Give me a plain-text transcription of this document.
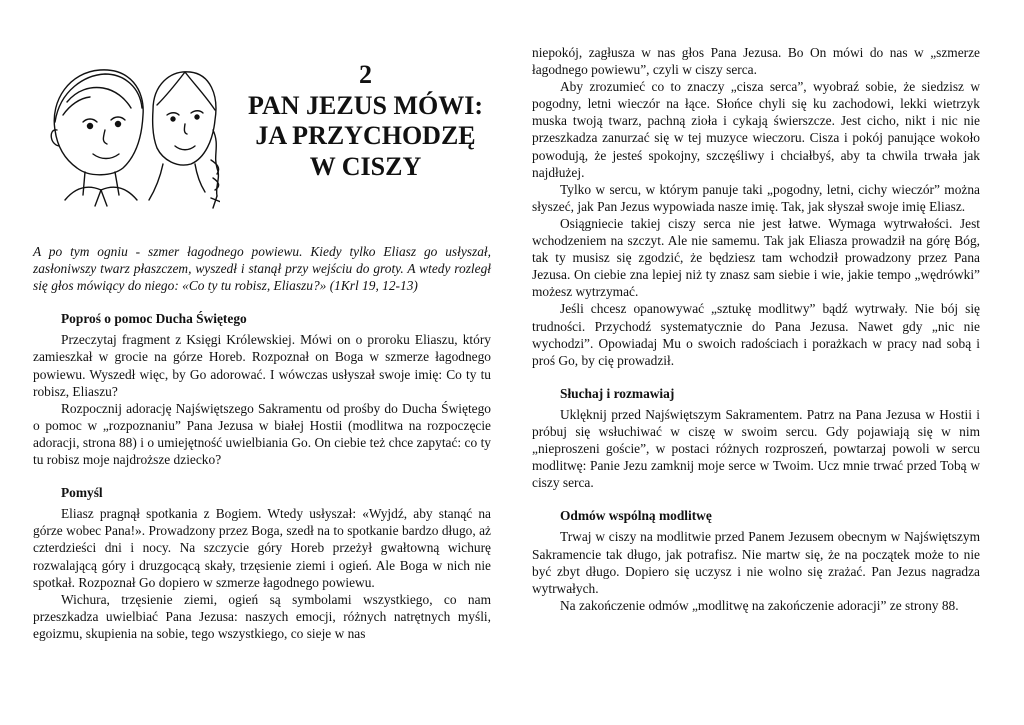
2
PAN JEZUS MÓWI:
JA PRZYCHODZĘ
W CISZY

A po tym ogniu - szmer łagodnego powiewu. Kiedy tylko Eliasz go usłyszał, zasłoniwszy twarz płaszczem, wyszedł i stanął przy wejściu do groty. A wtedy rozległ się głos mówiący do niego: «Co ty tu robisz, Eliaszu?» (1Krl 19, 12-13)

Poproś o pomoc Ducha Świętego

Przeczytaj fragment z Księgi Królewskiej. Mówi on o proroku Eliaszu, który zamieszkał w grocie na górze Horeb. Rozpoznał on Boga w szmerze łagodnego powiewu. Wyszedł więc, by Go adorować. I wówczas usłyszał swoje imię: Co ty tu robisz, Eliaszu?

Rozpocznij adorację Najświętszego Sakramentu od prośby do Ducha Świętego o pomoc w „rozpoznaniu” Pana Jezusa w białej Hostii (modlitwa na rozpoczęcie adoracji, strona 88) i o umiejętność uwielbiania Go. On ciebie też chce zapytać: co ty tu robisz moje najdroższe dziecko?

Pomyśl

Eliasz pragnął spotkania z Bogiem. Wtedy usłyszał: «Wyjdź, aby stanąć na górze wobec Pana!». Prowadzony przez Boga, szedł na to spotkanie bardzo długo, aż czterdzieści dni i nocy. Na szczycie góry Horeb przeżył gwałtowną wichurę rozwalającą góry i druzgocącą skały, trzęsienie ziemi i ogień. Ale Boga w nich nie spotkał. Rozpoznał Go dopiero w szmerze łagodnego powiewu.

Wichura, trzęsienie ziemi, ogień są symbolami wszystkiego, co nam przeszkadza uwielbiać Pana Jezusa: naszych emocji, różnych natrętnych myśli, egoizmu, skupienia na sobie, tego wszystkiego, co sieje w nas

niepokój, zagłusza w nas głos Pana Jezusa. Bo On mówi do nas w „szmerze łagodnego powiewu”, czyli w ciszy serca.

Aby zrozumieć co to znaczy „cisza serca”, wyobraź sobie, że siedzisz w pogodny, letni wieczór na łące. Słońce chyli się ku zachodowi, lekki wietrzyk muska twoją twarz, pachną zioła i cykają świerszcze. Jest cicho, nikt i nic nie przeszkadza zanurzać się w tej muzyce wieczoru. Cisza i pokój panujące wokoło powodują, że jesteś spokojny, szczęśliwy i chciałbyś, aby ta chwila trwała jak najdłużej.

Tylko w sercu, w którym panuje taki „pogodny, letni, cichy wieczór” można słyszeć, jak Pan Jezus wypowiada nasze imię. Tak, jak słyszał swoje imię Eliasz.

Osiągniecie takiej ciszy serca nie jest łatwe. Wymaga wytrwałości. Jest wchodzeniem na szczyt. Ale nie samemu. Tak jak Eliasza prowadził na górę Bóg, tak ty musisz się zgodzić, że będziesz tam wchodził prowadzony przez Pana Jezusa. On ciebie zna lepiej niż ty znasz sam siebie i wie, jakie tempo „wędrówki” możesz wytrzymać.

Jeśli chcesz opanowywać „sztukę modlitwy” bądź wytrwały. Nie bój się trudności. Przychodź systematycznie do Pana Jezusa. Nawet gdy „nic nie wychodzi”. Opowiadaj Mu o swoich radościach i porażkach w pracy nad sobą i proś Go, by cię prowadził.

Słuchaj i rozmawiaj

Uklęknij przed Najświętszym Sakramentem. Patrz na Pana Jezusa w Hostii i próbuj się wsłuchiwać w ciszę w swoim sercu. Gdy pojawiają się w nim „nieproszeni goście”, w postaci różnych rozproszeń, powtarzaj powoli w sercu modlitwę: Panie Jezu zamknij moje serce w Twoim. Ucz mnie trwać przed Tobą w ciszy serca.

Odmów wspólną modlitwę

Trwaj w ciszy na modlitwie przed Panem Jezusem obecnym w Najświętszym Sakramencie tak długo, jak potrafisz. Nie martw się, że na początek może to nie być zbyt długo. Dopiero się uczysz i nie wolno się zrażać. Pan Jezus nagradza wytrwałych.

Na zakończenie odmów „modlitwę na zakończenie adoracji” ze strony 88.
